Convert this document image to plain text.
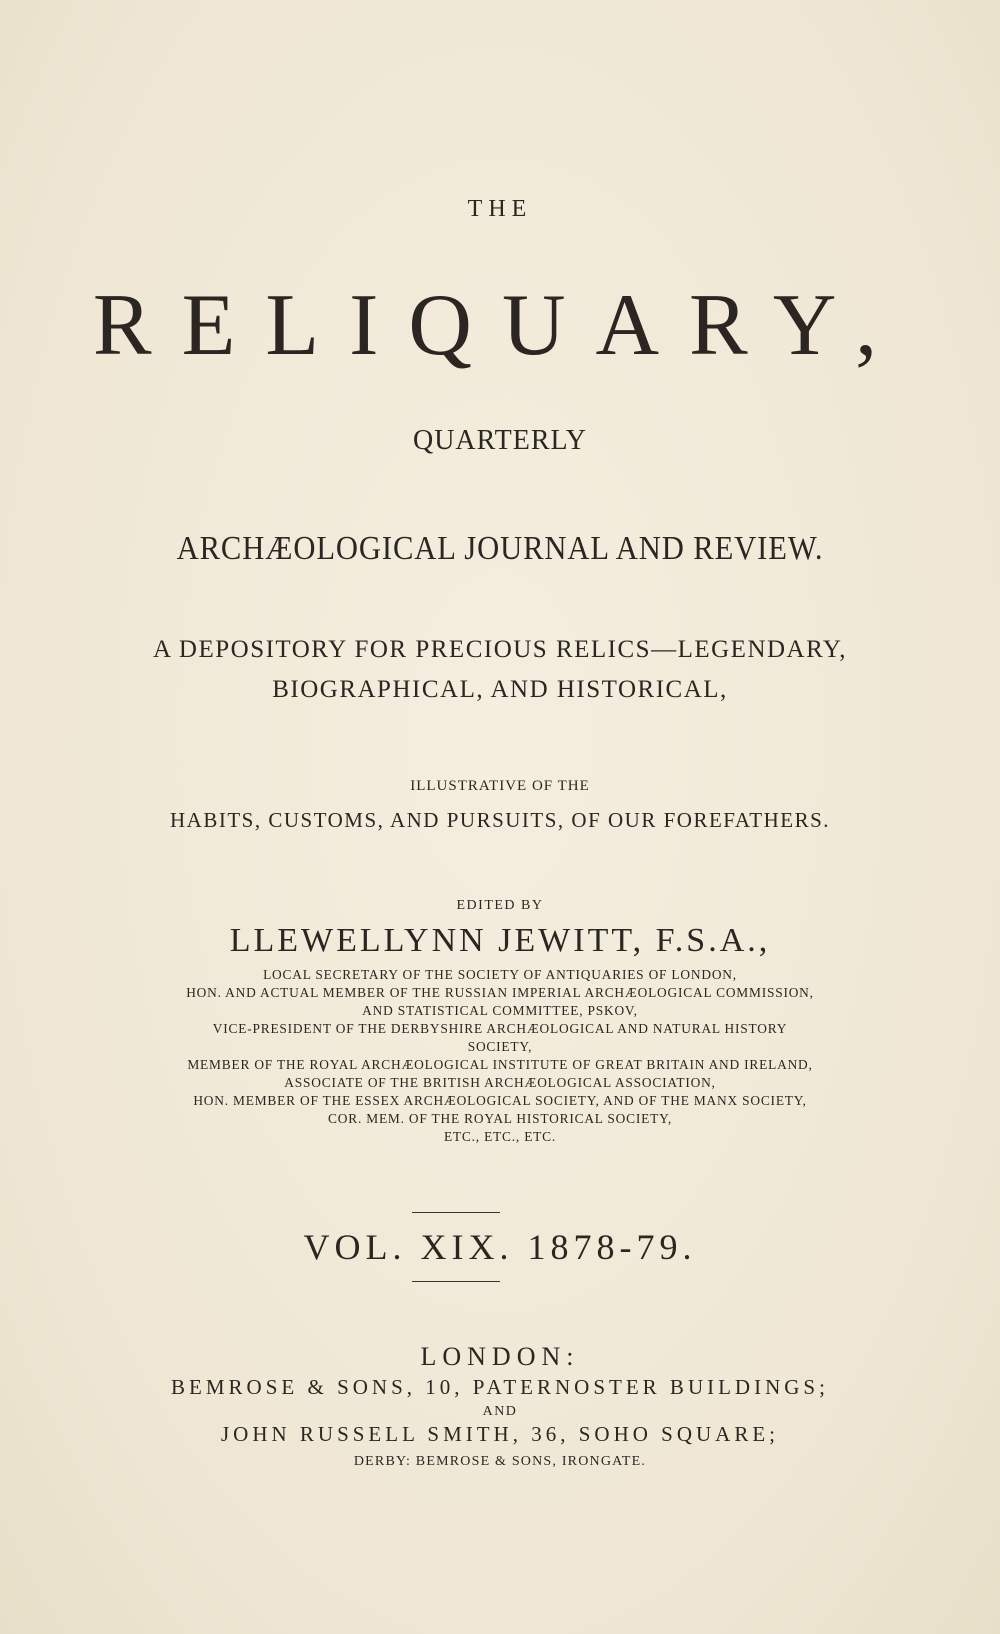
THE

RELIQUARY,

QUARTERLY

ARCHÆOLOGICAL JOURNAL AND REVIEW.

A DEPOSITORY FOR PRECIOUS RELICS—LEGENDARY,

BIOGRAPHICAL, AND HISTORICAL,

ILLUSTRATIVE OF THE

HABITS, CUSTOMS, AND PURSUITS, OF OUR FOREFATHERS.

EDITED BY

LLEWELLYNN JEWITT, F.S.A.,

LOCAL SECRETARY OF THE SOCIETY OF ANTIQUARIES OF LONDON,

HON. AND ACTUAL MEMBER OF THE RUSSIAN IMPERIAL ARCHÆOLOGICAL COMMISSION,

AND STATISTICAL COMMITTEE, PSKOV,

VICE-PRESIDENT OF THE DERBYSHIRE ARCHÆOLOGICAL AND NATURAL HISTORY

SOCIETY,

MEMBER OF THE ROYAL ARCHÆOLOGICAL INSTITUTE OF GREAT BRITAIN AND IRELAND,

ASSOCIATE OF THE BRITISH ARCHÆOLOGICAL ASSOCIATION,

HON. MEMBER OF THE ESSEX ARCHÆOLOGICAL SOCIETY, AND OF THE MANX SOCIETY,

COR. MEM. OF THE ROYAL HISTORICAL SOCIETY,

ETC., ETC., ETC.

VOL. XIX. 1878-79.

LONDON:

BEMROSE & SONS, 10, PATERNOSTER BUILDINGS;

AND

JOHN RUSSELL SMITH, 36, SOHO SQUARE;

DERBY: BEMROSE & SONS, IRONGATE.
